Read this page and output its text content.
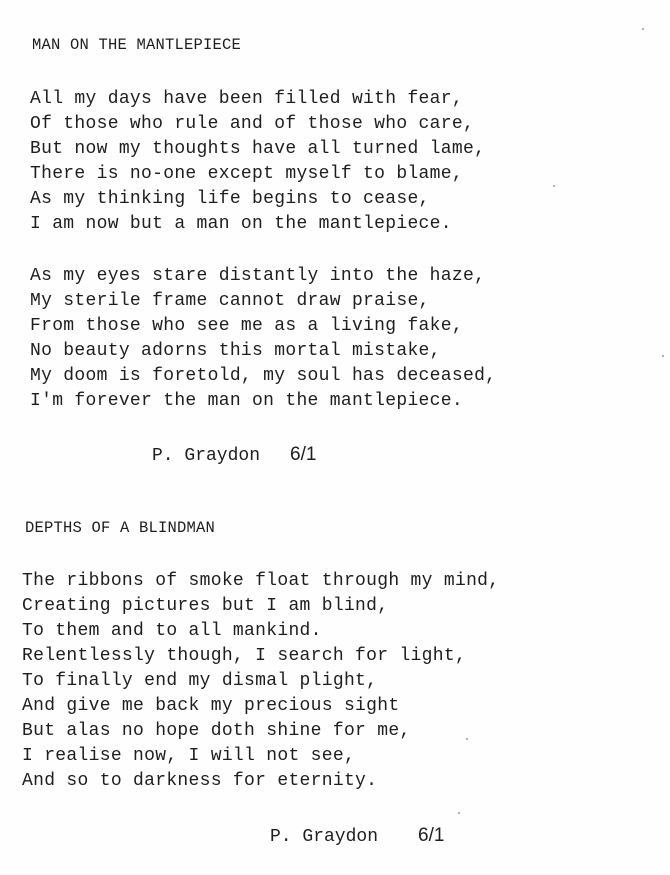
MAN ON THE MANTLEPIECE
All my days have been filled with fear,
Of those who rule and of those who care,
But now my thoughts have all turned lame,
There is no-one except myself to blame,
As my thinking life begins to cease,
I am now but a man on the mantlepiece.
As my eyes stare distantly into the haze,
My sterile frame cannot draw praise,
From those who see me as a living fake,
No beauty adorns this mortal mistake,
My doom is foretold, my soul has deceased,
I'm forever the man on the mantlepiece.
P. Graydon 6/1
DEPTHS OF A BLINDMAN
The ribbons of smoke float through my mind,
Creating pictures but I am blind,
To them and to all mankind.
Relentlessly though, I search for light,
To finally end my dismal plight,
And give me back my precious sight
But alas no hope doth shine for me,
I realise now, I will not see,
And so to darkness for eternity.
P. Graydon 6/1
